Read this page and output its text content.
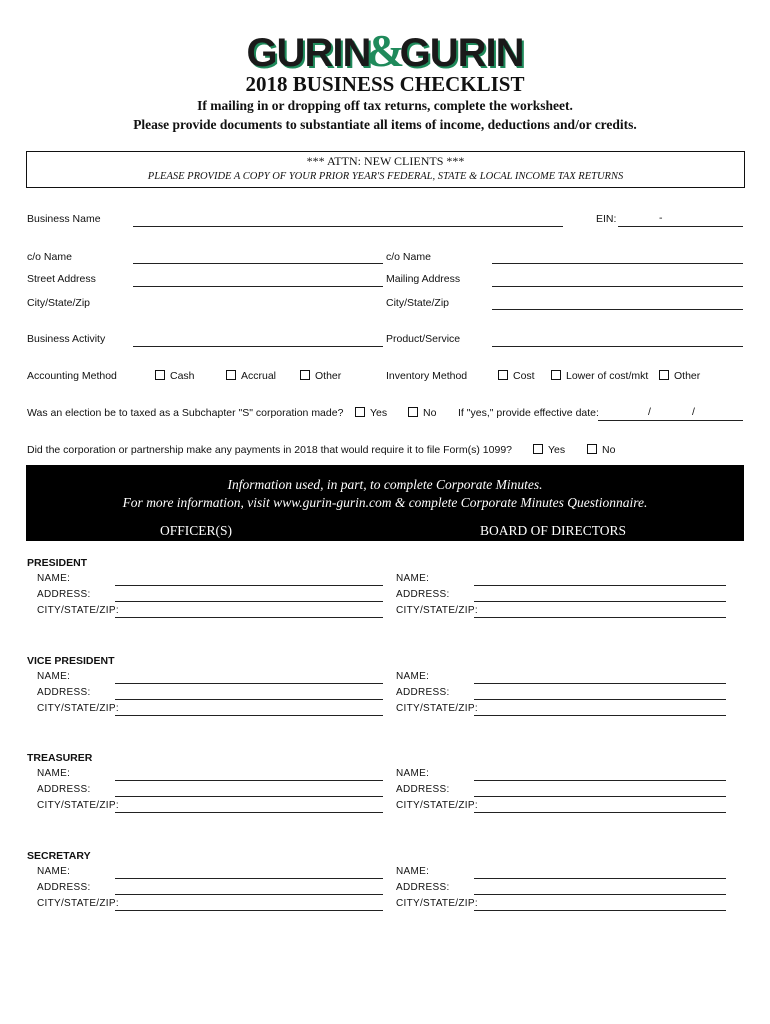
GURIN&GURIN
2018 BUSINESS CHECKLIST
If mailing in or dropping off tax returns, complete the worksheet.
Please provide documents to substantiate all items of income, deductions and/or credits.
*** ATTN: NEW CLIENTS ***
PLEASE PROVIDE A COPY OF YOUR PRIOR YEAR'S FEDERAL, STATE & LOCAL INCOME TAX RETURNS
Business Name	EIN:	-
c/o Name	c/o Name
Street Address	Mailing Address
City/State/Zip	City/State/Zip
Business Activity	Product/Service
Accounting Method	Cash	Accrual	Other	Inventory Method	Cost	Lower of cost/mkt	Other
Was an election be to taxed as a Subchapter "S" corporation made?	Yes	No If "yes," provide effective date:	/	/
Did the corporation or partnership make any payments in 2018 that would require it to file Form(s) 1099?	Yes	No
Information used, in part, to complete Corporate Minutes.
For more information, visit www.gurin-gurin.com & complete Corporate Minutes Questionnaire.
OFFICER(S)	BOARD OF DIRECTORS
PRESIDENT
NAME:	NAME:
ADDRESS:	ADDRESS:
CITY/STATE/ZIP:	CITY/STATE/ZIP:
VICE PRESIDENT
NAME:	NAME:
ADDRESS:	ADDRESS:
CITY/STATE/ZIP:	CITY/STATE/ZIP:
TREASURER
NAME:	NAME:
ADDRESS:	ADDRESS:
CITY/STATE/ZIP:	CITY/STATE/ZIP:
SECRETARY
NAME:	NAME:
ADDRESS:	ADDRESS:
CITY/STATE/ZIP:	CITY/STATE/ZIP:
